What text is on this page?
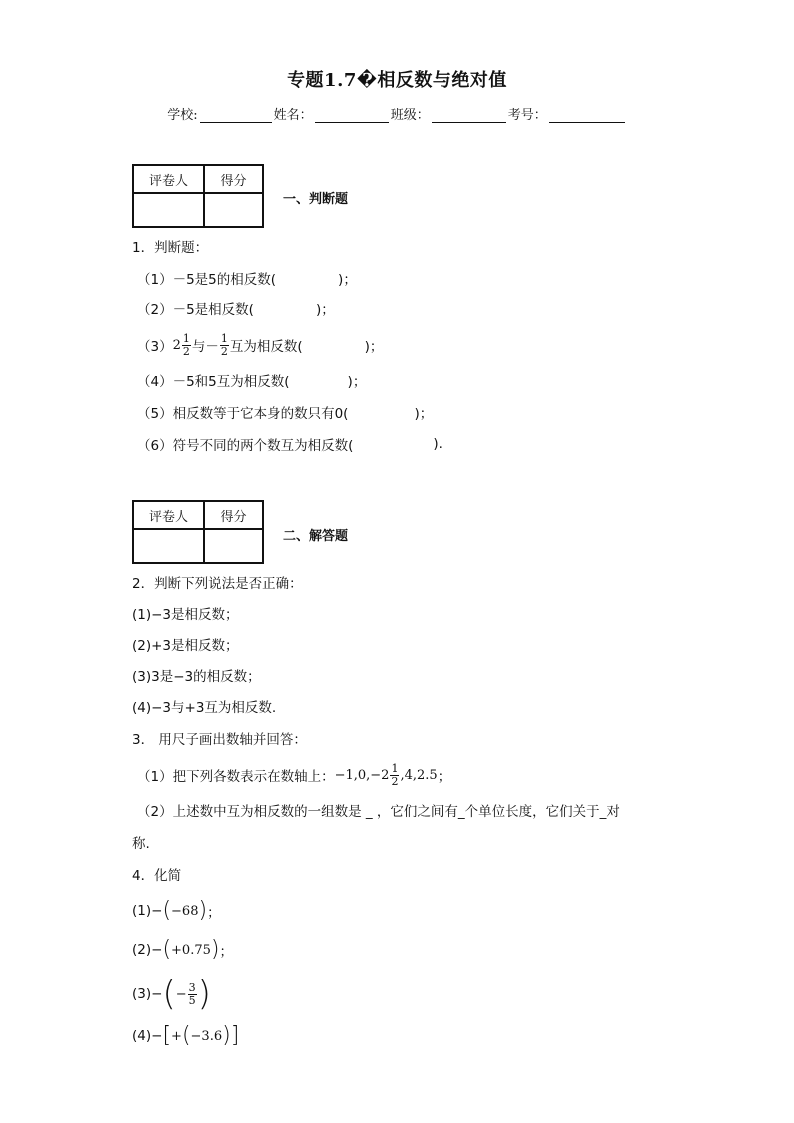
专题1.7�相反数与绝对值
学校:	姓名：	班级：	考号：
评卷人	得分
一、判断题
1．判断题：
（1） －5是5的相反数(	)；
（2） －5是相反数(	)；
（3） $2 \frac{1}{2}$ 与－ $\frac{1}{2}$ 互为相反数(	)；
（4） －5和5互为相反数(	)；
（5） 相反数等于它本身的数只有0(	)；
（6） 符号不同的两个数互为相反数(	).
评卷人	得分
二、解答题
2．判断下列说法是否正确：
(1)−3是相反数；
(2)+3是相反数；
(3)3是−3的相反数；
(4)−3与+3互为相反数.
3． 用尺子画出数轴并回答：
（1）把下列各数表示在数轴上： $-1,0,-2 \frac{1}{2} ,4,2.5$ ；
（2）上述数中互为相反数的一组数是 _ ，它们之间有_个单位长度，它们关于_对
称.
4．化简
(1)− ( −68 ) ；
(2)− ( +0.75 ) ；
(3)− ( − $\frac{3}{5}$ )
(4)− [ + ( −3.6 ) ]
